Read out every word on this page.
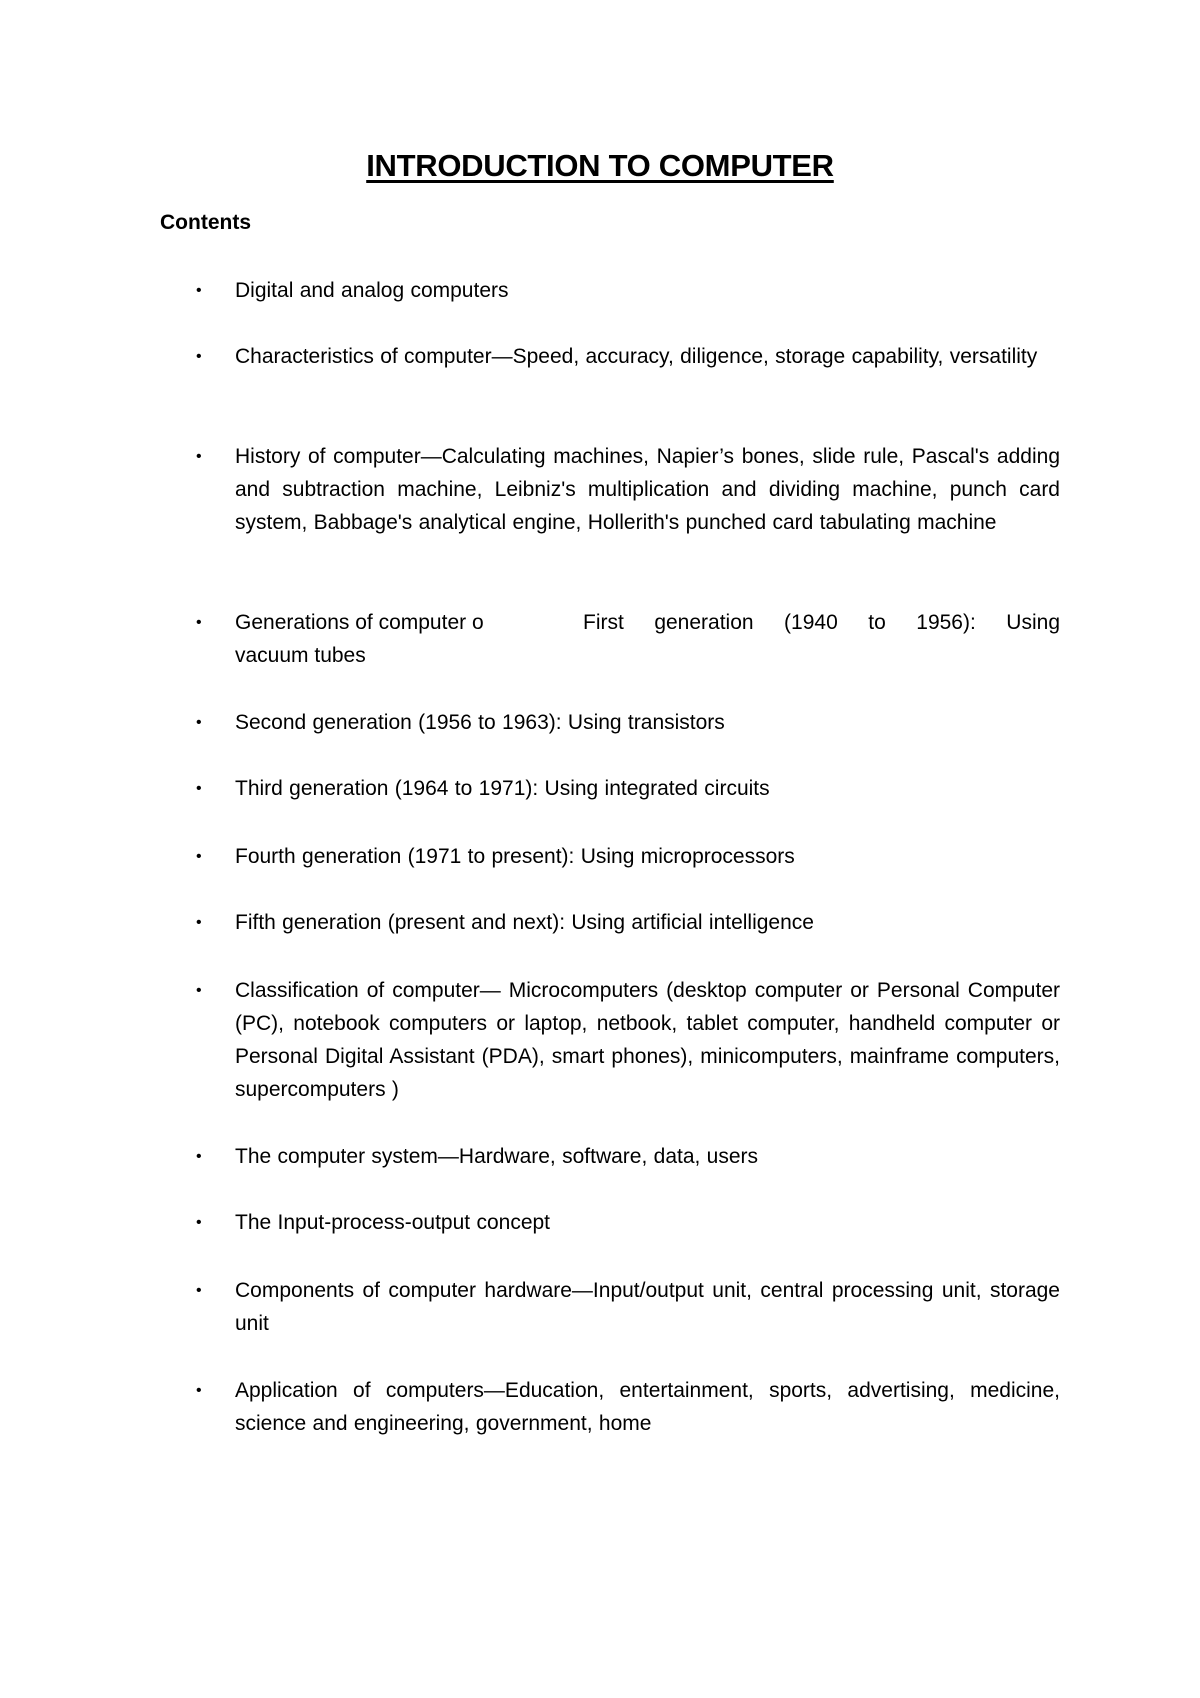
INTRODUCTION TO COMPUTER
Contents
• Digital and analog computers
• Characteristics of computer—Speed, accuracy, diligence, storage capability, versatility
• History of computer—Calculating machines, Napier’s bones, slide rule, Pascal's adding and subtraction machine, Leibniz's multiplication and dividing machine, punch card system, Babbage's analytical engine, Hollerith's punched card tabulating machine
• Generations of computer o	First generation (1940 to 1956): Using
vacuum tubes
• Second generation (1956 to 1963): Using transistors
• Third generation (1964 to 1971): Using integrated circuits
• Fourth generation (1971 to present): Using microprocessors
• Fifth generation (present and next): Using artificial intelligence
• Classification of computer— Microcomputers (desktop computer or Personal Computer (PC), notebook computers or laptop, netbook, tablet computer, handheld computer or Personal Digital Assistant (PDA), smart phones), minicomputers, mainframe computers, supercomputers )
• The computer system—Hardware, software, data, users
• The Input-process-output concept
• Components of computer hardware—Input/output unit, central processing unit, storage unit
• Application of computers—Education, entertainment, sports, advertising, medicine, science and engineering, government, home
